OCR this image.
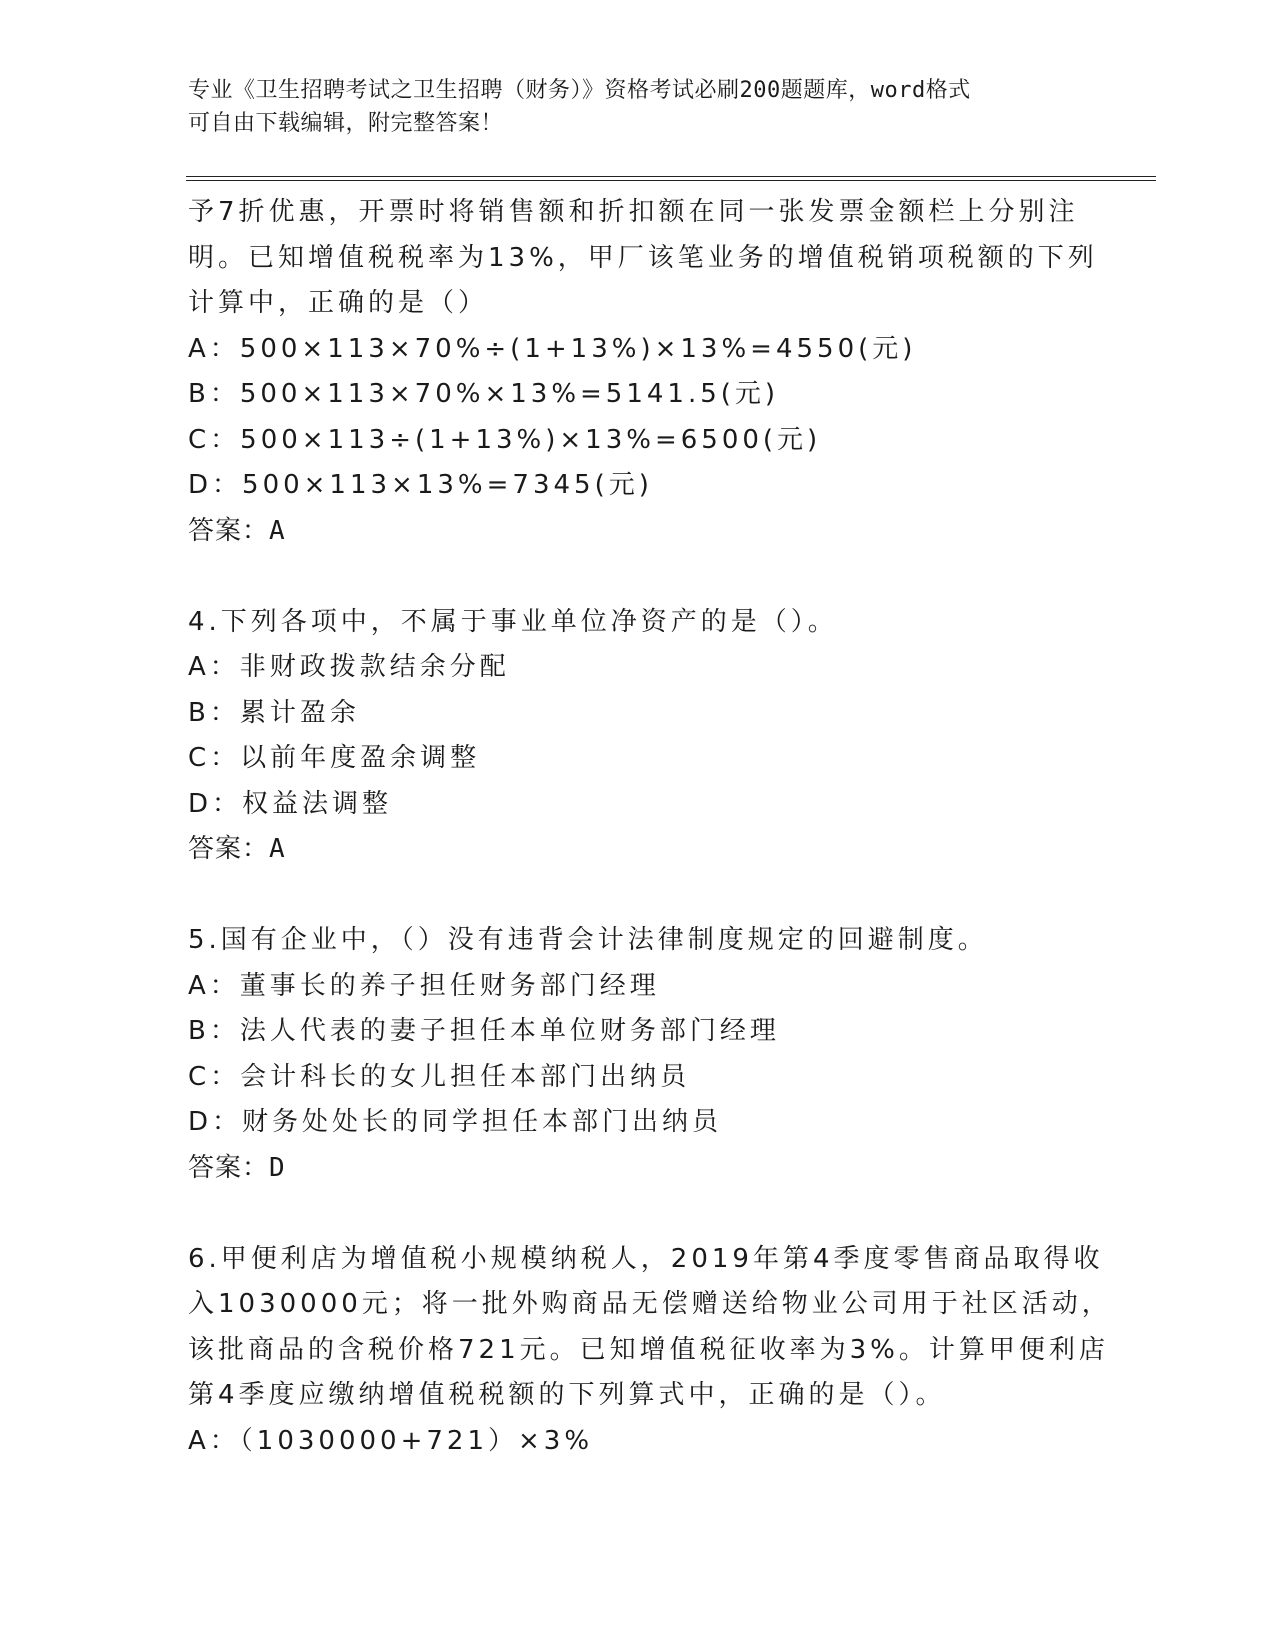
专业《卫生招聘考试之卫生招聘（财务）》资格考试必刷200题题库，word格式
可自由下载编辑，附完整答案！
予7折优惠，开票时将销售额和折扣额在同一张发票金额栏上分别注
明。已知增值税税率为13%，甲厂该笔业务的增值税销项税额的下列
计算中，正确的是（）
A：500×113×70%÷(1+13%)×13%=4550(元)
B：500×113×70%×13%=5141.5(元)
C：500×113÷(1+13%)×13%=6500(元)
D：500×113×13%=7345(元)
答案：A
4.下列各项中，不属于事业单位净资产的是（）。
A：非财政拨款结余分配
B：累计盈余
C：以前年度盈余调整
D：权益法调整
答案：A
5.国有企业中，（）没有违背会计法律制度规定的回避制度。
A：董事长的养子担任财务部门经理
B：法人代表的妻子担任本单位财务部门经理
C：会计科长的女儿担任本部门出纳员
D：财务处处长的同学担任本部门出纳员
答案：D
6.甲便利店为增值税小规模纳税人，2019年第4季度零售商品取得收
入1030000元；将一批外购商品无偿赠送给物业公司用于社区活动，
该批商品的含税价格721元。已知增值税征收率为3%。计算甲便利店
第4季度应缴纳增值税税额的下列算式中，正确的是（）。
A：（1030000+721）×3%
